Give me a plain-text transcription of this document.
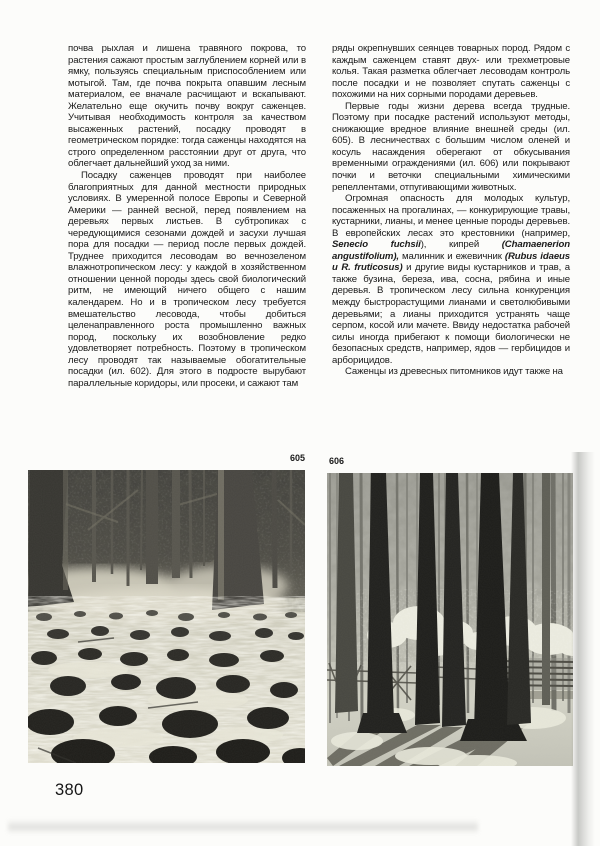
почва рыхлая и лишена травяного покрова, то растения сажают простым заглублением корней или в ямку, пользуясь специальным приспособлением или мотыгой. Там, где почва покрыта опавшим лесным материалом, ее вначале расчищают и вскапывают. Желательно еще окучить почву вокруг саженцев. Учитывая необходимость контроля за качеством высаженных растений, посадку проводят в геометрическом порядке: тогда саженцы находятся на строго определенном расстоянии друг от друга, что облегчает дальнейший уход за ними.

Посадку саженцев проводят при наиболее благоприятных для данной местности природных условиях. В умеренной полосе Европы и Северной Америки — ранней весной, перед появлением на деревьях первых листьев. В субтропиках с чередующимися сезонами дождей и засухи лучшая пора для посадки — период после первых дождей. Труднее приходится лесоводам во вечнозеленом влажнотропическом лесу: у каждой в хозяйственном отношении ценной породы здесь свой биологический ритм, не имеющий ничего общего с нашим календарем. Но и в тропическом лесу требуется вмешательство лесовода, чтобы добиться целенаправленного роста промышленно важных пород, поскольку их возобновление редко удовлетворяет потребность. Поэтому в тропическом лесу проводят так называемые обогатительные посадки (ил. 602). Для этого в подросте вырубают параллельные коридоры, или просеки, и сажают там

ряды окрепнувших сеянцев товарных пород. Рядом с каждым саженцем ставят двух- или трехметровые колья. Такая разметка облегчает лесоводам контроль после посадки и не позволяет спутать саженцы с похожими на них сорными породами деревьев.

Первые годы жизни дерева всегда трудные. Поэтому при посадке растений используют методы, снижающие вредное влияние внешней среды (ил. 605). В лесничествах с большим числом оленей и косуль насаждения оберегают от обкусывания временными ограждениями (ил. 606) или покрывают почки и веточки специальными химическими репеллентами, отпугивающими животных.

Огромная опасность для молодых культур, посаженных на прогалинах, — конкурирующие травы, кустарники, лианы, и менее ценные породы деревьев. В европейских лесах это крестовники (например, Senecio fuchsii), кипрей (Chamaenerion angustifolium), малинник и ежевичник (Rubus idaeus и R. fruticosus) и другие виды кустарников и трав, а также бузина, береза, ива, сосна, рябина и иные деревья. В тропическом лесу сильна конкуренция между быстрорастущими лианами и светолюбивыми деревьями; а лианы приходится устранять чаще серпом, косой или мачете. Ввиду недостатка рабочей силы иногда прибегают к помощи биологически не безопасных средств, например, ядов — гербицидов и арборицидов.

Саженцы из древесных питомников идут также на

605	606
380
